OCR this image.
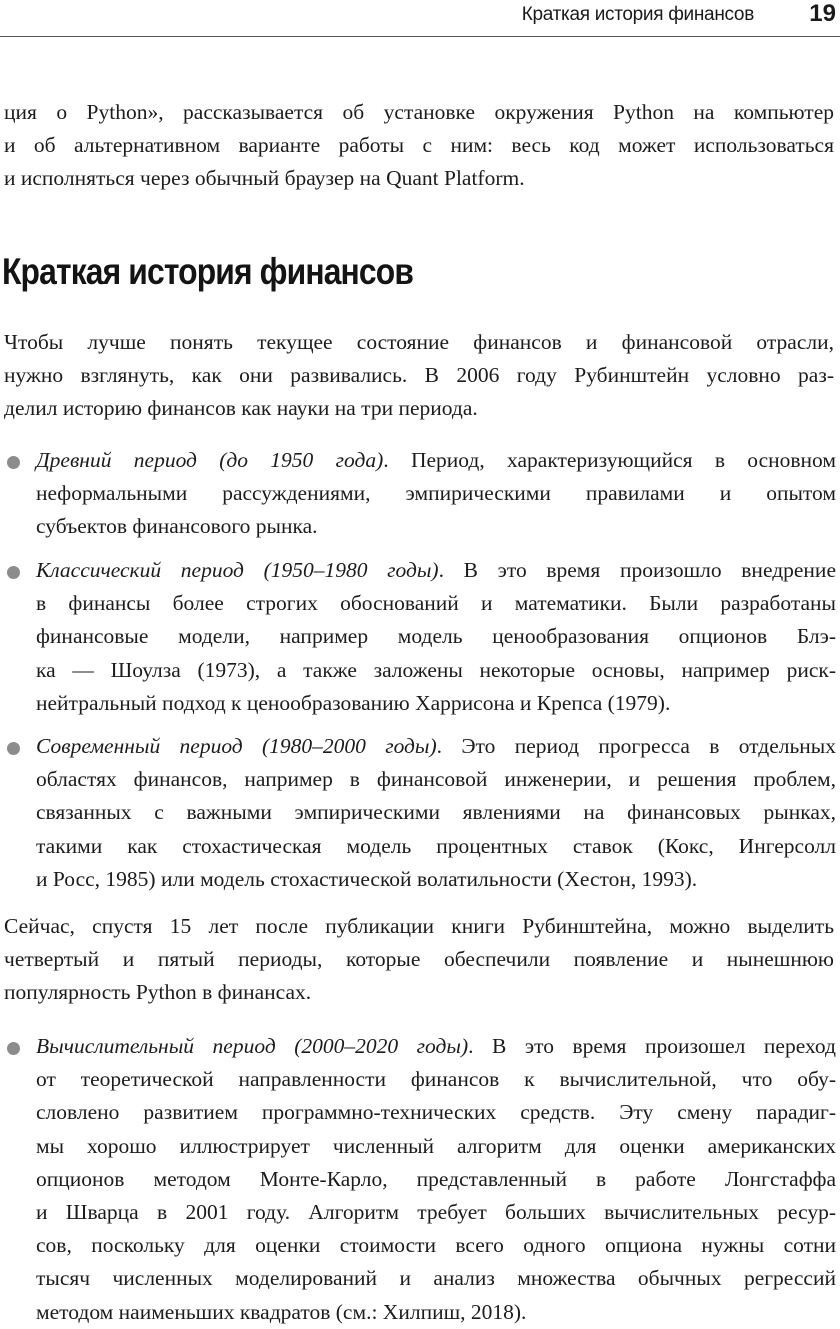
Краткая история финансов 19
ция о Python», рассказывается об установке окружения Python на компьютер
и об альтернативном варианте работы с ним: весь код может использоваться
и исполняться через обычный браузер на Quant Platform.
Краткая история финансов
Чтобы лучше понять текущее состояние финансов и финансовой отрасли,
нужно взглянуть, как они развивались. В 2006 году Рубинштейн условно раз-
делил историю финансов как науки на три периода.
Древний период (до 1950 года). Период, характеризующийся в основном
неформальными рассуждениями, эмпирическими правилами и опытом
субъектов финансового рынка.
Классический период (1950–1980 годы). В это время произошло внедрение
в финансы более строгих обоснований и математики. Были разработаны
финансовые модели, например модель ценообразования опционов Блэ-
ка — Шоулза (1973), а также заложены некоторые основы, например риск-
нейтральный подход к ценообразованию Харрисона и Крепса (1979).
Современный период (1980–2000 годы). Это период прогресса в отдельных
областях финансов, например в финансовой инженерии, и решения проблем,
связанных с важными эмпирическими явлениями на финансовых рынках,
такими как стохастическая модель процентных ставок (Кокс, Ингерсолл
и Росс, 1985) или модель стохастической волатильности (Хестон, 1993).
Сейчас, спустя 15 лет после публикации книги Рубинштейна, можно выделить
четвертый и пятый периоды, которые обеспечили появление и нынешнюю
популярность Python в финансах.
Вычислительный период (2000–2020 годы). В это время произошел переход
от теоретической направленности финансов к вычислительной, что обу-
словлено развитием программно-технических средств. Эту смену парадиг-
мы хорошо иллюстрирует численный алгоритм для оценки американских
опционов методом Монте-Карло, представленный в работе Лонгстаффа
и Шварца в 2001 году. Алгоритм требует больших вычислительных ресур-
сов, поскольку для оценки стоимости всего одного опциона нужны сотни
тысяч численных моделирований и анализ множества обычных регрессий
методом наименьших квадратов (см.: Хилпиш, 2018).
